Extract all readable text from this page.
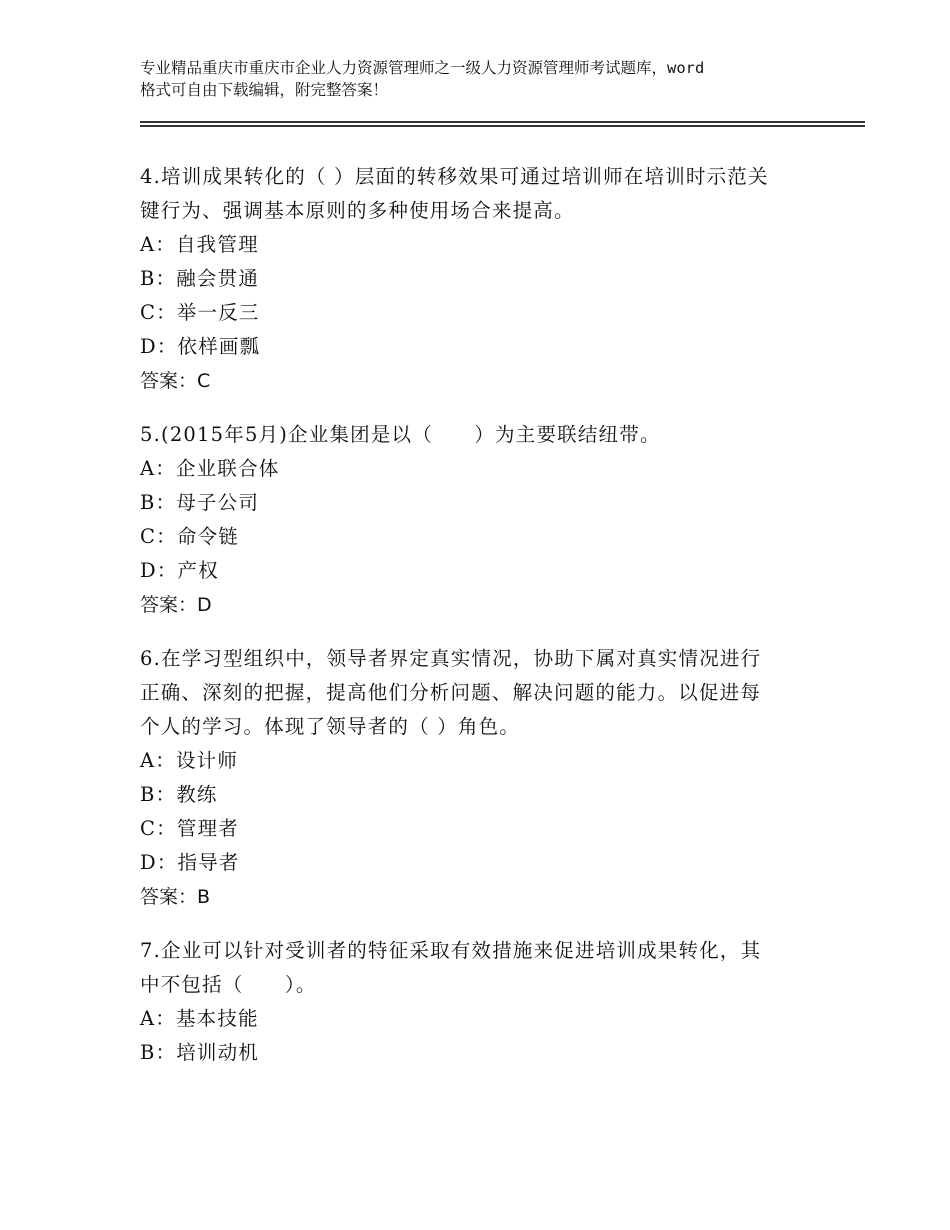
专业精品重庆市重庆市企业人力资源管理师之一级人力资源管理师考试题库，word
格式可自由下载编辑，附完整答案！
4.培训成果转化的（ ）层面的转移效果可通过培训师在培训时示范关
键行为、强调基本原则的多种使用场合来提高。
A：自我管理
B：融会贯通
C：举一反三
D：依样画瓢
答案：C
5.(2015年5月)企业集团是以（　　）为主要联结纽带。
A：企业联合体
B：母子公司
C：命令链
D：产权
答案：D
6.在学习型组织中，领导者界定真实情况，协助下属对真实情况进行
正确、深刻的把握，提高他们分析问题、解决问题的能力。以促进每
个人的学习。体现了领导者的（ ）角色。
A：设计师
B：教练
C：管理者
D：指导者
答案：B
7.企业可以针对受训者的特征采取有效措施来促进培训成果转化，其
中不包括（　　）。
A：基本技能
B：培训动机
